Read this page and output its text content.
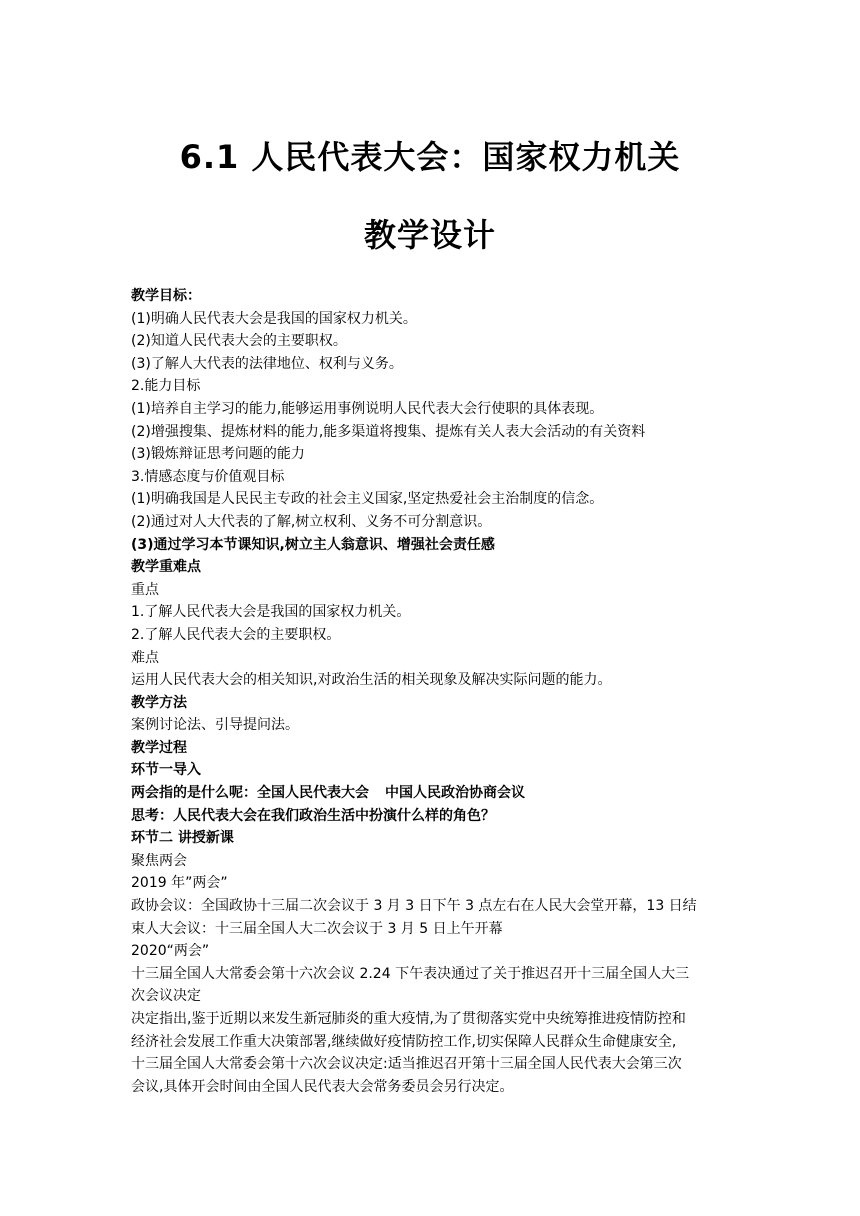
6.1 人民代表大会：国家权力机关
教学设计
教学目标：
(1)明确人民代表大会是我国的国家权力机关。
(2)知道人民代表大会的主要职权。
(3)了解人大代表的法律地位、权利与义务。
2.能力目标
(1)培养自主学习的能力,能够运用事例说明人民代表大会行使职的具体表现。
(2)增强搜集、提炼材料的能力,能多渠道将搜集、提炼有关人表大会活动的有关资料
(3)锻炼辩证思考问题的能力
3.情感态度与价值观目标
(1)明确我国是人民民主专政的社会主义国家,坚定热爱社会主治制度的信念。
(2)通过对人大代表的了解,树立权利、义务不可分割意识。
(3)通过学习本节课知识,树立主人翁意识、增强社会责任感
教学重难点
重点
1.了解人民代表大会是我国的国家权力机关。
2.了解人民代表大会的主要职权。
难点
运用人民代表大会的相关知识,对政治生活的相关现象及解决实际问题的能力。
教学方法
案例讨论法、引导提问法。
教学过程
环节一导入
两会指的是什么呢：全国人民代表大会 中国人民政治协商会议
思考：人民代表大会在我们政治生活中扮演什么样的角色？
环节二 讲授新课
聚焦两会
2019 年”两会”
政协会议：全国政协十三届二次会议于 3 月 3 日下午 3 点左右在人民大会堂开幕，13 日结
束人大会议：十三届全国人大二次会议于 3 月 5 日上午开幕
2020“两会”
十三届全国人大常委会第十六次会议 2.24 下午表决通过了关于推迟召开十三届全国人大三
次会议决定
决定指出,鉴于近期以来发生新冠肺炎的重大疫情,为了贯彻落实党中央统筹推进疫情防控和
经济社会发展工作重大决策部署,继续做好疫情防控工作,切实保障人民群众生命健康安全,
十三届全国人大常委会第十六次会议决定:适当推迟召开第十三届全国人民代表大会第三次
会议,具体开会时间由全国人民代表大会常务委员会另行决定。
